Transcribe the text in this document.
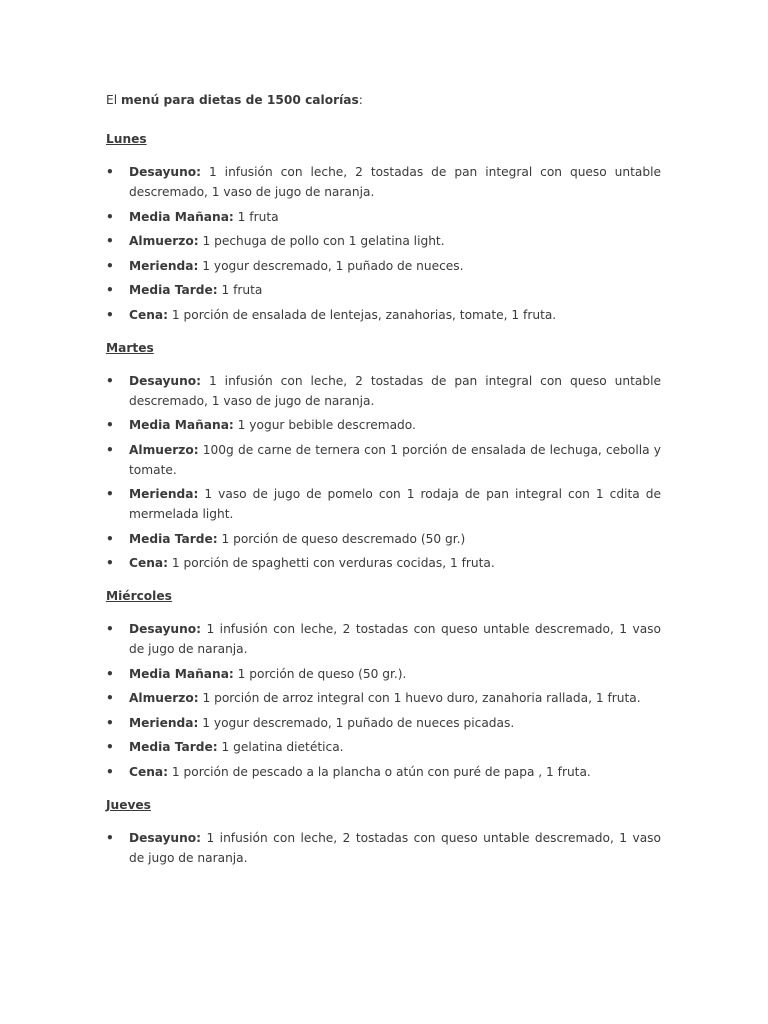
El menú para dietas de 1500 calorías:

Lunes
• Desayuno: 1 infusión con leche, 2 tostadas de pan integral con queso untable descremado, 1 vaso de jugo de naranja.
• Media Mañana: 1 fruta
• Almuerzo: 1 pechuga de pollo con 1 gelatina light.
• Merienda: 1 yogur descremado, 1 puñado de nueces.
• Media Tarde: 1 fruta
• Cena: 1 porción de ensalada de lentejas, zanahorias, tomate, 1 fruta.
Martes
• Desayuno: 1 infusión con leche, 2 tostadas de pan integral con queso untable descremado, 1 vaso de jugo de naranja.
• Media Mañana: 1 yogur bebible descremado.
• Almuerzo: 100g de carne de ternera con 1 porción de ensalada de lechuga, cebolla y tomate.
• Merienda: 1 vaso de jugo de pomelo con 1 rodaja de pan integral con 1 cdita de mermelada light.
• Media Tarde: 1 porción de queso descremado (50 gr.)
• Cena: 1 porción de spaghetti con verduras cocidas, 1 fruta.
Miércoles
• Desayuno: 1 infusión con leche, 2 tostadas con queso untable descremado, 1 vaso de jugo de naranja.
• Media Mañana: 1 porción de queso (50 gr.).
• Almuerzo: 1 porción de arroz integral con 1 huevo duro, zanahoria rallada, 1 fruta.
• Merienda: 1 yogur descremado, 1 puñado de nueces picadas.
• Media Tarde: 1 gelatina dietética.
• Cena: 1 porción de pescado a la plancha o atún con puré de papa , 1 fruta.
Jueves
• Desayuno: 1 infusión con leche, 2 tostadas con queso untable descremado, 1 vaso de jugo de naranja.
